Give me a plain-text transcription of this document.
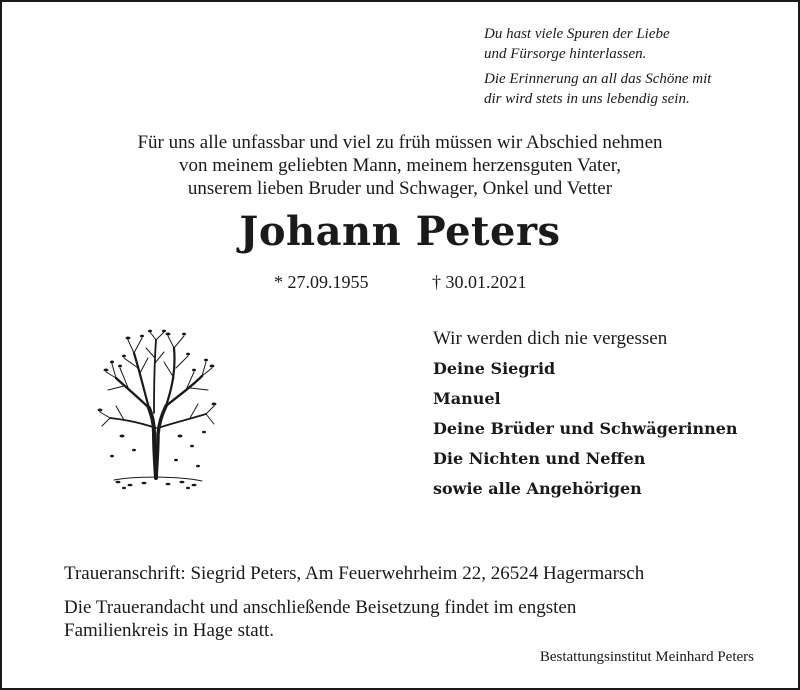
Du hast viele Spuren der Liebe
und Fürsorge hinterlassen.

Die Erinnerung an all das Schöne mit
dir wird stets in uns lebendig sein.

Für uns alle unfassbar und viel zu früh müssen wir Abschied nehmen
von meinem geliebten Mann, meinem herzensguten Vater,
unserem lieben Bruder und Schwager, Onkel und Vetter
Johann Peters
* 27.09.1955	† 30.01.2021
Wir werden dich nie vergessen
Deine Siegrid
Manuel
Deine Brüder und Schwägerinnen
Die Nichten und Neffen
sowie alle Angehörigen
Traueranschrift: Siegrid Peters, Am Feuerwehrheim 22, 26524 Hagermarsch
Die Trauerandacht und anschließende Beisetzung findet im engsten
Familienkreis in Hage statt.
Bestattungsinstitut Meinhard Peters
